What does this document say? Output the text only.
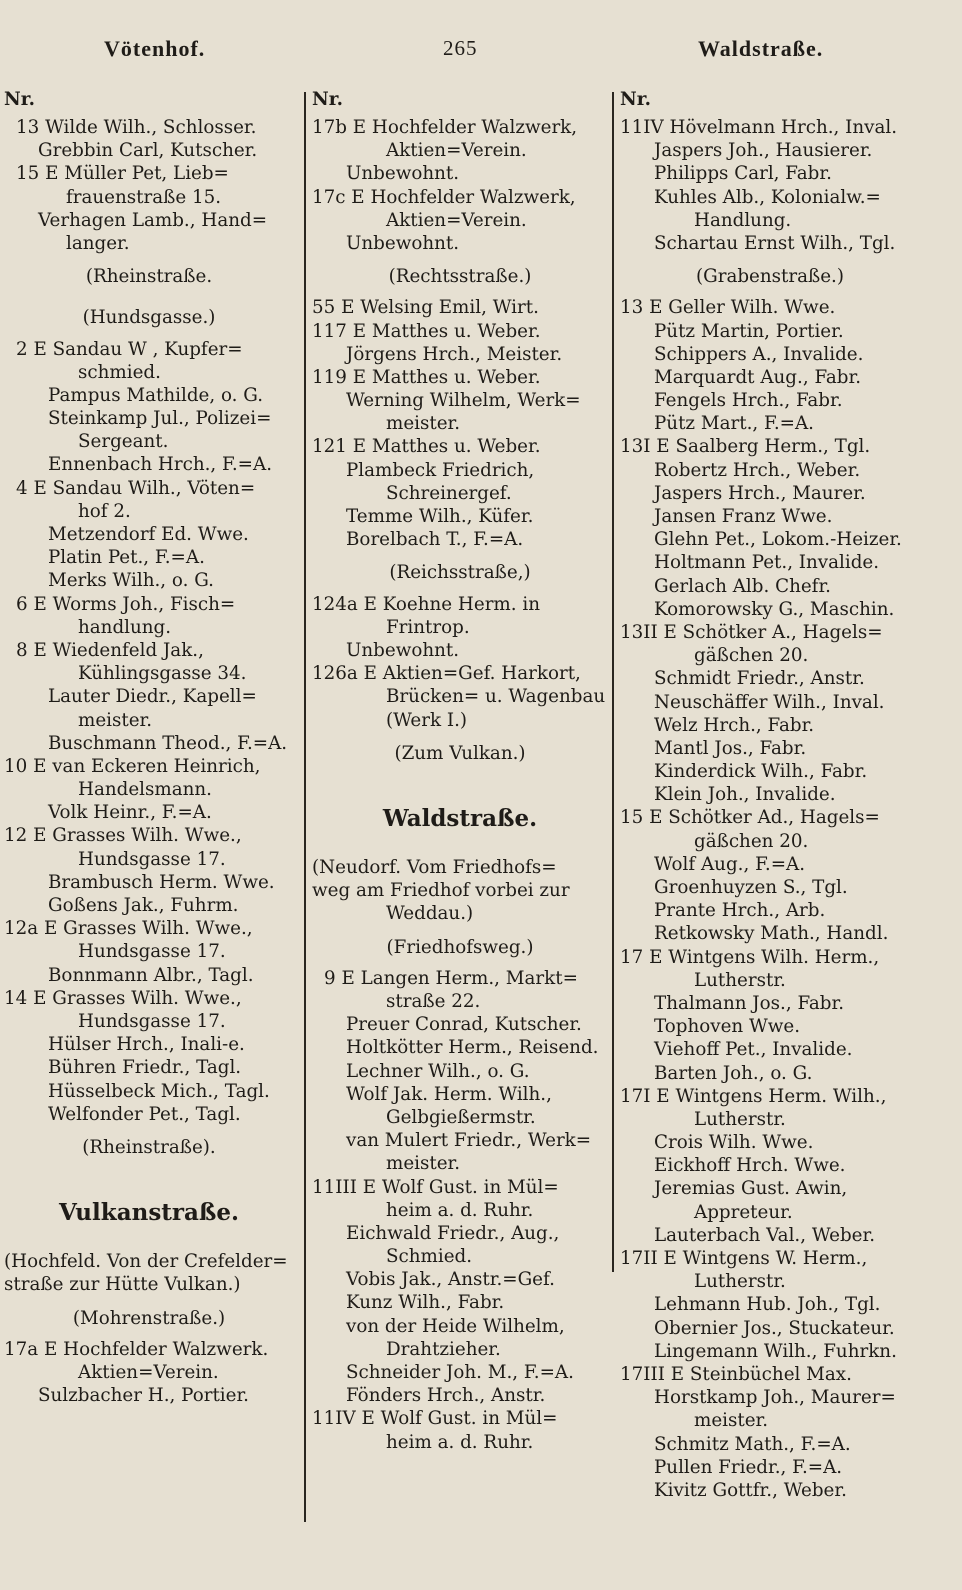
Vötenhof.	265	Waldstraße.
Nr.
13 Wilde Wilh., Schlosser.
Grebbin Carl, Kutscher.
15 E Müller Pet, Lieb=
frauenstraße 15.
Verhagen Lamb., Hand=
langer.
(Rheinstraße.
(Hundsgasse.)
2 E Sandau W , Kupfer=
schmied.
Pampus Mathilde, o. G.
Steinkamp Jul., Polizei=
Sergeant.
Ennenbach Hrch., F.=A.
4 E Sandau Wilh., Vöten=
hof 2.
Metzendorf Ed. Wwe.
Platin Pet., F.=A.
Merks Wilh., o. G.
6 E Worms Joh., Fisch=
handlung.
8 E Wiedenfeld Jak.,
Kühlingsgasse 34.
Lauter Diedr., Kapell=
meister.
Buschmann Theod., F.=A.
10 E van Eckeren Heinrich,
Handelsmann.
Volk Heinr., F.=A.
12 E Grasses Wilh. Wwe.,
Hundsgasse 17.
Brambusch Herm. Wwe.
Goßens Jak., Fuhrm.
12a E Grasses Wilh. Wwe.,
Hundsgasse 17.
Bonnmann Albr., Tagl.
14 E Grasses Wilh. Wwe.,
Hundsgasse 17.
Hülser Hrch., Inali-e.
Bühren Friedr., Tagl.
Hüsselbeck Mich., Tagl.
Welfonder Pet., Tagl.
(Rheinstraße).
Vulkanstraße.
(Hochfeld. Von der Crefelder=
straße zur Hütte Vulkan.)
(Mohrenstraße.)
17a E Hochfelder Walzwerk.
Aktien=Verein.
Sulzbacher H., Portier.
Nr.
17b E Hochfelder Walzwerk,
Aktien=Verein.
Unbewohnt.
17c E Hochfelder Walzwerk,
Aktien=Verein.
Unbewohnt.
(Rechtsstraße.)
55 E Welsing Emil, Wirt.
117 E Matthes u. Weber.
Jörgens Hrch., Meister.
119 E Matthes u. Weber.
Werning Wilhelm, Werk=
meister.
121 E Matthes u. Weber.
Plambeck Friedrich,
Schreinergef.
Temme Wilh., Küfer.
Borelbach T., F.=A.
(Reichsstraße,)
124a E Koehne Herm. in
Frintrop.
Unbewohnt.
126a E Aktien=Gef. Harkort,
Brücken= u. Wagenbau
(Werk I.)
(Zum Vulkan.)
Waldstraße.
(Neudorf. Vom Friedhofs=
weg am Friedhof vorbei zur
Weddau.)
(Friedhofsweg.)
9 E Langen Herm., Markt=
straße 22.
Preuer Conrad, Kutscher.
Holtkötter Herm., Reisend.
Lechner Wilh., o. G.
Wolf Jak. Herm. Wilh.,
Gelbgießermstr.
van Mulert Friedr., Werk=
meister.
11III E Wolf Gust. in Mül=
heim a. d. Ruhr.
Eichwald Friedr., Aug.,
Schmied.
Vobis Jak., Anstr.=Gef.
Kunz Wilh., Fabr.
von der Heide Wilhelm,
Drahtzieher.
Schneider Joh. M., F.=A.
Fönders Hrch., Anstr.
11IV E Wolf Gust. in Mül=
heim a. d. Ruhr.
Nr.
11IV Hövelmann Hrch., Inval.
Jaspers Joh., Hausierer.
Philipps Carl, Fabr.
Kuhles Alb., Kolonialw.=
Handlung.
Schartau Ernst Wilh., Tgl.
(Grabenstraße.)
13 E Geller Wilh. Wwe.
Pütz Martin, Portier.
Schippers A., Invalide.
Marquardt Aug., Fabr.
Fengels Hrch., Fabr.
Pütz Mart., F.=A.
13I E Saalberg Herm., Tgl.
Robertz Hrch., Weber.
Jaspers Hrch., Maurer.
Jansen Franz Wwe.
Glehn Pet., Lokom.-Heizer.
Holtmann Pet., Invalide.
Gerlach Alb. Chefr.
Komorowsky G., Maschin.
13II E Schötker A., Hagels=
gäßchen 20.
Schmidt Friedr., Anstr.
Neuschäffer Wilh., Inval.
Welz Hrch., Fabr.
Mantl Jos., Fabr.
Kinderdick Wilh., Fabr.
Klein Joh., Invalide.
15 E Schötker Ad., Hagels=
gäßchen 20.
Wolf Aug., F.=A.
Groenhuyzen S., Tgl.
Prante Hrch., Arb.
Retkowsky Math., Handl.
17 E Wintgens Wilh. Herm.,
Lutherstr.
Thalmann Jos., Fabr.
Tophoven Wwe.
Viehoff Pet., Invalide.
Barten Joh., o. G.
17I E Wintgens Herm. Wilh.,
Lutherstr.
Crois Wilh. Wwe.
Eickhoff Hrch. Wwe.
Jeremias Gust. Awin,
Appreteur.
Lauterbach Val., Weber.
17II E Wintgens W. Herm.,
Lutherstr.
Lehmann Hub. Joh., Tgl.
Obernier Jos., Stuckateur.
Lingemann Wilh., Fuhrkn.
17III E Steinbüchel Max.
Horstkamp Joh., Maurer=
meister.
Schmitz Math., F.=A.
Pullen Friedr., F.=A.
Kivitz Gottfr., Weber.
